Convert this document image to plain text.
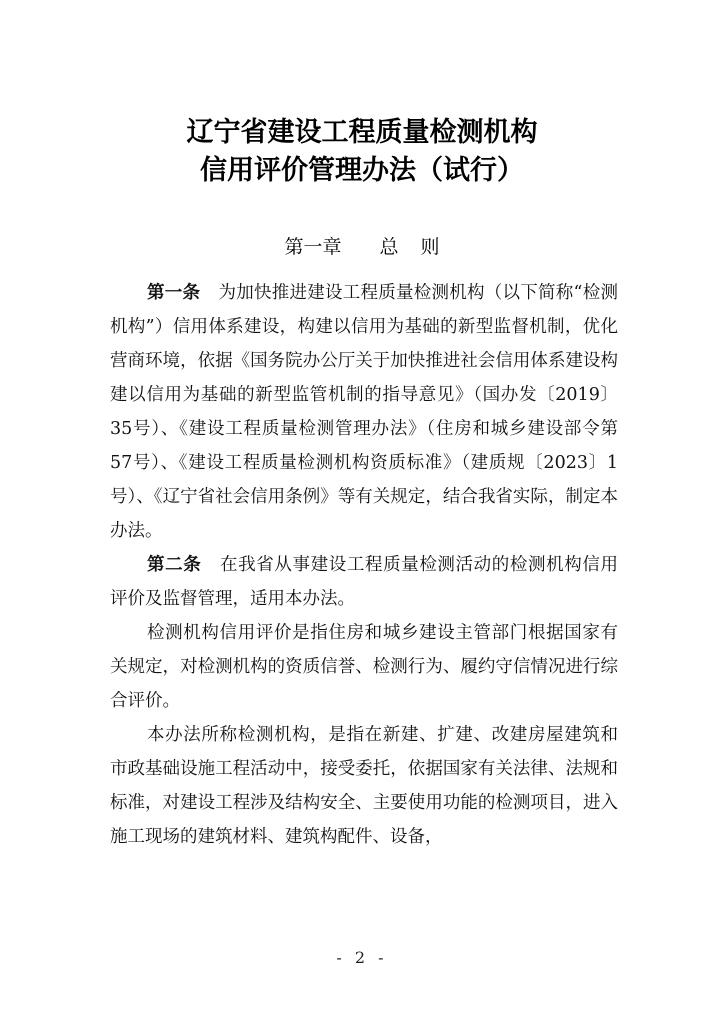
辽宁省建设工程质量检测机构
信用评价管理办法（试行）
第一章 总 则

第一条 为加快推进建设工程质量检测机构（以下简称“检测机构”）信用体系建设，构建以信用为基础的新型监督机制，优化营商环境，依据《国务院办公厅关于加快推进社会信用体系建设构建以信用为基础的新型监管机制的指导意见》（国办发〔2019〕35号）、《建设工程质量检测管理办法》（住房和城乡建设部令第57号）、《建设工程质量检测机构资质标准》（建质规〔2023〕1号）、《辽宁省社会信用条例》等有关规定，结合我省实际，制定本办法。

第二条 在我省从事建设工程质量检测活动的检测机构信用评价及监督管理，适用本办法。

检测机构信用评价是指住房和城乡建设主管部门根据国家有关规定，对检测机构的资质信誉、检测行为、履约守信情况进行综合评价。

本办法所称检测机构，是指在新建、扩建、改建房屋建筑和市政基础设施工程活动中，接受委托，依据国家有关法律、法规和标准，对建设工程涉及结构安全、主要使用功能的检测项目，进入施工现场的建筑材料、建筑构配件、设备，

- 2 -
